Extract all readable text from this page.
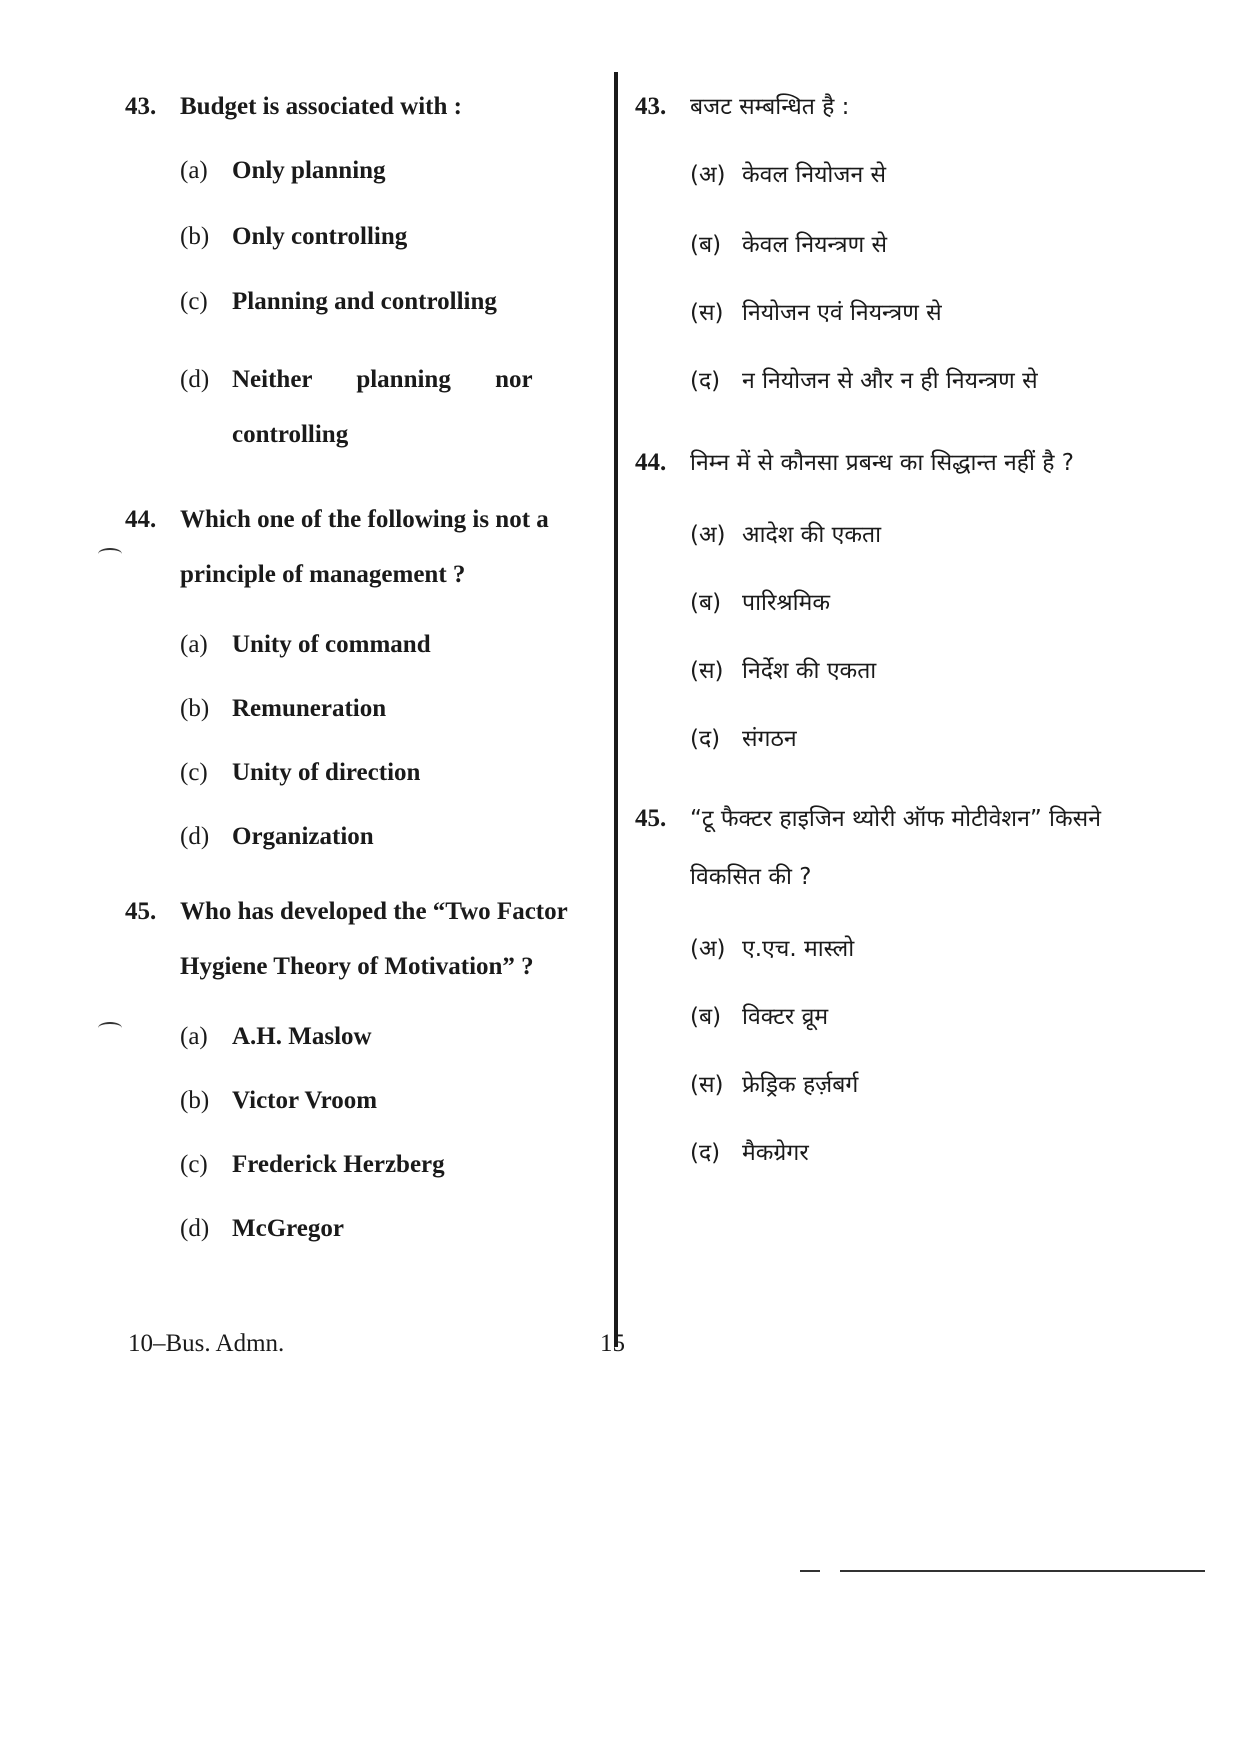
43. Budget is associated with :
(a) Only planning
(b) Only controlling
(c) Planning and controlling
(d) Neither planning nor controlling
44. Which one of the following is not a principle of management ?
(a) Unity of command
(b) Remuneration
(c) Unity of direction
(d) Organization
45. Who has developed the “Two Factor Hygiene Theory of Motivation” ?
(a) A.H. Maslow
(b) Victor Vroom
(c) Frederick Herzberg
(d) McGregor
43.	बजट सम्बन्धित है :
(अ) केवल नियोजन से
(ब) केवल नियन्त्रण से
(स) नियोजन एवं नियन्त्रण से
(द) न नियोजन से और न ही नियन्त्रण से
44.	निम्न में से कौनसा प्रबन्ध का सिद्धान्त नहीं है ?
(अ) आदेश की एकता
(ब) पारिश्रमिक
(स) निर्देश की एकता
(द) संगठन
45.	“टू फैक्टर हाइजिन थ्योरी ऑफ मोटीवेशन” किसने विकसित की ?
(अ) ए.एच. मास्लो
(ब) विक्टर व्रूम
(स) फ्रेड्रिक हर्ज़बर्ग
(द) मैकग्रेगर
10–Bus. Admn.	15
